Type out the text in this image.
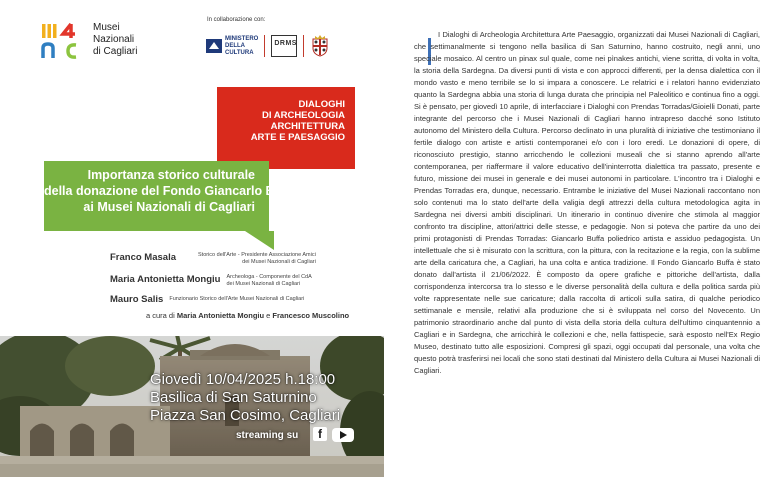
Musei
Nazionali
di Cagliari
In collaborazione con:
MINISTERO
DELLA
CULTURA
DRMS
DIALOGHI
DI ARCHEOLOGIA
ARCHITETTURA
ARTE E PAESAGGIO
Importanza storico culturale
della donazione del Fondo Giancarlo Buffa
ai Musei Nazionali di Cagliari
Franco Masala	Storico dell'Arte - Presidente Associazione Amici
dei Musei Nazionali di Cagliari
Maria Antonietta Mongiu Archeologa - Componente del CdA
dei Musei Nazionali di Cagliari
Mauro Salis Funzionario Storico dell'Arte Musei Nazionali di Cagliari
a cura di Maria Antonietta Mongiu e Francesco Muscolino
Giovedì 10/04/2025 h.18:00
Basilica di San Saturnino
Piazza San Cosimo, Cagliari
streaming su	f

I Dialoghi di Archeologia Architettura Arte Paesaggio, organizzati dai Musei Nazionali di Cagliari, che settimanalmente si tengono nella basilica di San Saturnino, hanno costruito, negli anni, uno speciale mosaico. Al centro un pinax sul quale, come nei pìnakes antichi, viene scritta, di volta in volta, la storia della Sardegna. Da diversi punti di vista e con approcci differenti, per la densa dialettica con il mondo vasto e meno terribile se lo si impara a conoscere. Le relatrici e i relatori hanno evidenziato quanto la Sardegna abbia una storia di lunga durata che principia nel Paleolitico e continua fino a oggi. Si è pensato, per giovedì 10 aprile, di interfacciare i Dialoghi con Prendas Torradas/Gioielli Donati, parte integrante del percorso che i Musei Nazionali di Cagliari hanno intrapreso dacché sono Istituto autonomo del Ministero della Cultura. Percorso declinato in una pluralità di iniziative che testimoniano il fertile dialogo con artiste e artisti contemporanei e/o con i loro eredi. Le donazioni di opere, di riconosciuto prestigio, stanno arricchendo le collezioni museali che si stanno aprendo all'arte contemporanea, per riaffermare il valore educativo dell'ininterrotta dialettica tra passato, presente e futuro, missione dei musei in generale e dei musei autonomi in particolare. L'incontro tra i Dialoghi e Prendas Torradas era, dunque, necessario. Entrambe le iniziative del Musei Nazionali raccontano non solo contenuti ma lo stato dell'arte della valigia degli attrezzi della cultura metodologica agita in Sardegna nei diversi ambiti disciplinari. Un itinerario in continuo divenire che stimola al maggior confronto tra discipline, attori/attrici delle stesse, e pedagogie. Non si poteva che partire da uno dei primi protagonisti di Prendas Torradas: Giancarlo Buffa poliedrico artista e assiduo pedagogista. Un intellettuale che si è misurato con la scrittura, con la pittura, con la recitazione e la regia, con la sublime arte della caricatura che, a Cagliari, ha una colta e antica tradizione. Il Fondo Giancarlo Buffa è stato donato dall'artista il 21/06/2022. È composto da opere grafiche e pittoriche dell'artista, dalla corrispondenza intercorsa tra lo stesso e le diverse personalità della cultura e della politica sarda più volte rappresentate nelle sue caricature; dalla raccolta di articoli sulla satira, di qualche periodico settimanale e mensile, relativi alla produzione che si è sviluppata nel corso del Novecento. Un patrimonio straordinario anche dal punto di vista della storia della cultura dell'ultimo cinquantennio a Cagliari e in Sardegna, che arricchirà le collezioni e che, nella fattispecie, sarà esposto nell'Ex Regio Museo, destinato tutto alle esposizioni. Compresi gli spazi, oggi occupati dal personale, una volta che questo potrà trasferirsi nei locali che sono stati destinati dal Ministero della Cultura ai Musei Nazionali di Cagliari.
